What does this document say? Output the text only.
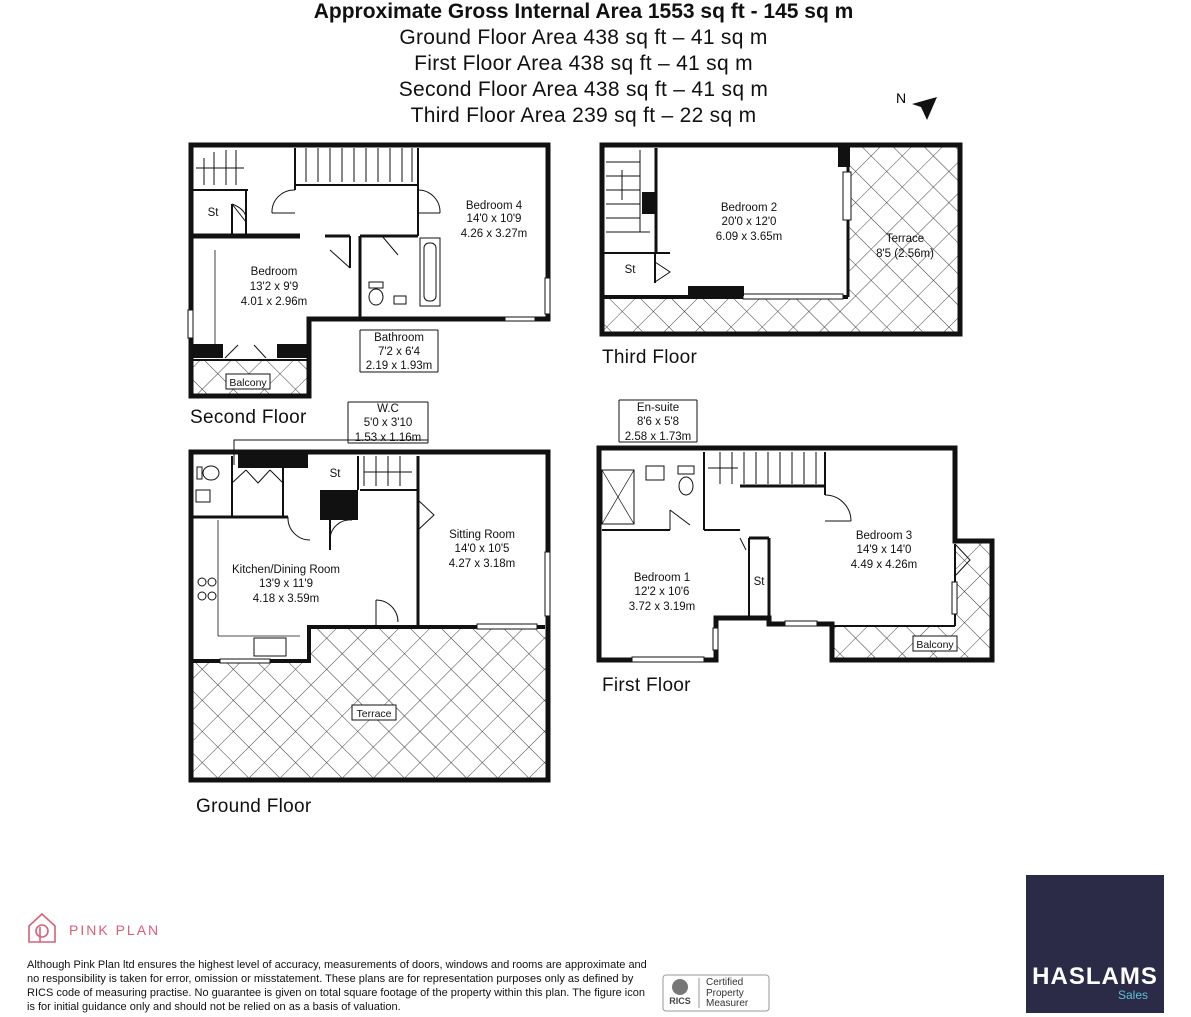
Approximate Gross Internal Area 1553 sq ft - 145 sq m
Ground Floor Area 438 sq ft – 41 sq m
First Floor Area 438 sq ft – 41 sq m
Second Floor Area 438 sq ft – 41 sq m
Third Floor Area 239 sq ft – 22 sq m
N
Bedroom 4
14'0 x 10'9
4.26 x 3.27m
Bedroom
13'2 x 9'9
4.01 x 2.96m
Bathroom
7'2 x 6'4
2.19 x 1.93m
St
Balcony
Bedroom 2
20'0 x 12'0
6.09 x 3.65m	Terrace
8'5 (2.56m)
St
W.C
5'0 x 3'10
1.53 x 1.16m
Kitchen/Dining Room
13'9 x 11'9
4.18 x 3.59m
Sitting Room
14'0 x 10'5
4.27 x 3.18m
St
Terrace
En-suite
8'6 x 5'8
2.58 x 1.73m
Bedroom 1
12'2 x 10'6
3.72 x 3.19m
Bedroom 3
14'9 x 14'0
4.49 x 4.26m
St
Balcony
RICS
Second Floor
Third Floor
Ground Floor
First Floor
PINK PLAN
Although Pink Plan ltd ensures the highest level of accuracy, measurements of doors, windows and rooms are approximate and no responsibility is taken for error, omission or misstatement. These plans are for representation purposes only as defined by RICS code of measuring practise. No guarantee is given on total square footage of the property within this plan. The figure icon is for initial guidance only and should not be relied on as a basis of valuation.
Certified
Property
Measurer
HASLAMS
Sales
